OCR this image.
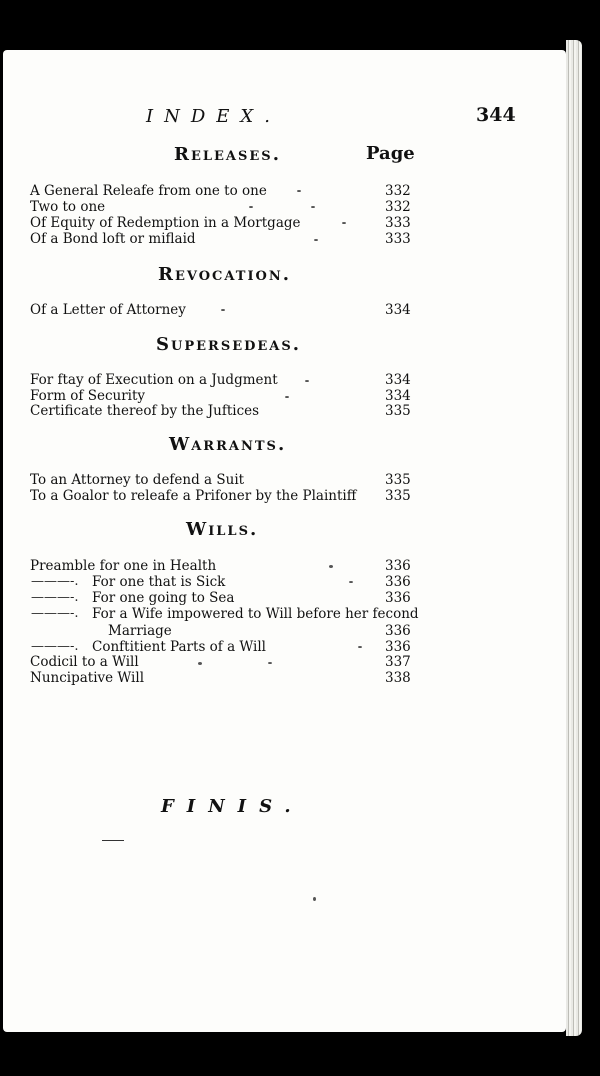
INDEX.	344
Page
Releases.
A General Releafe from one to one	332
Two to one	332
Of Equity of Redemption in a Mortgage	333
Of a Bond loft or miflaid	333
Revocation.
Of a Letter of Attorney	334
Supersedeas.
For ftay of Execution on a Judgment	334
Form of Security	334
Certificate thereof by the Juftices	335
Warrants.
To an Attorney to defend a Suit	335
To a Goalor to releafe a Prifoner by the Plaintiff 335
Wills.
Preamble for one in Health	336
———-. For one that is Sick	336
———-. For one going to Sea	336
———-. For a Wife impowered to Will before her fecond
Marriage	336
———-. Conftitient Parts of a Will	336
Codicil to a Will	337
Nuncipative Will	338
FINIS.
